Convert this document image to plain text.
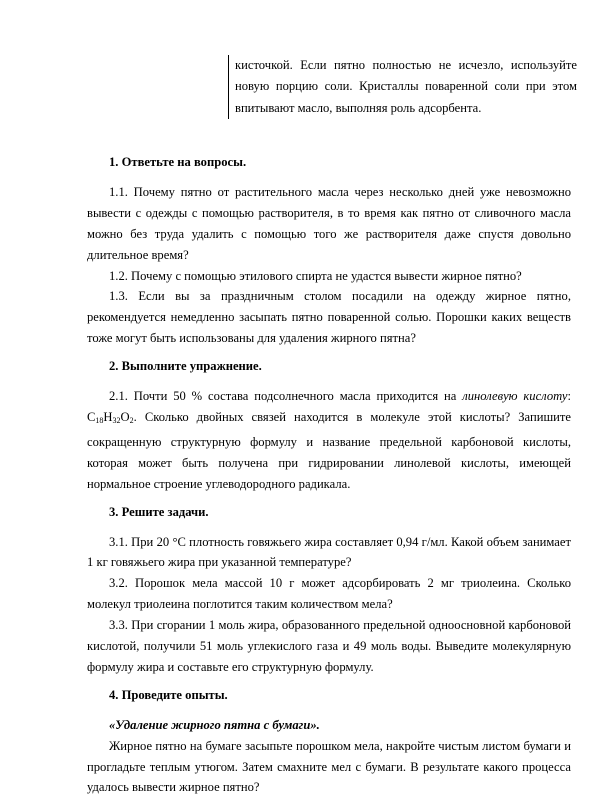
кисточкой. Если пятно полностью не исчезло, используйте новую порцию соли. Кристаллы поваренной соли при этом впитывают масло, выполняя роль адсорбента.
1. Ответьте на вопросы.

1.1. Почему пятно от растительного масла через несколько дней уже невозможно вывести с одежды с помощью растворителя, в то время как пятно от сливочного масла можно без труда удалить с помощью того же растворителя даже спустя довольно длительное время?

1.2. Почему с помощью этилового спирта не удастся вывести жирное пятно?

1.3. Если вы за праздничным столом посадили на одежду жирное пятно, рекомендуется немедленно засыпать пятно поваренной солью. Порошки каких веществ тоже могут быть использованы для удаления жирного пятна?

2. Выполните упражнение.

2.1. Почти 50 % состава подсолнечного масла приходится на линолевую кислоту: $C_{18}H_{32}O_2$. Сколько двойных связей находится в молекуле этой кислоты? Запишите сокращенную структурную формулу и название предельной карбоновой кислоты, которая может быть получена при гидрировании линолевой кислоты, имеющей нормальное строение углеводородного радикала.

3. Решите задачи.

3.1. При 20 °C плотность говяжьего жира составляет 0,94 г/мл. Какой объем занимает 1 кг говяжьего жира при указанной температуре?

3.2. Порошок мела массой 10 г может адсорбировать 2 мг триолеина. Сколько молекул триолеина поглотится таким количеством мела?

3.3. При сгорании 1 моль жира, образованного предельной одноосновной карбоновой кислотой, получили 51 моль углекислого газа и 49 моль воды. Выведите молекулярную формулу жира и составьте его структурную формулу.

4. Проведите опыты.

«Удаление жирного пятна с бумаги».

Жирное пятно на бумаге засыпьте порошком мела, накройте чистым листом бумаги и прогладьте теплым утюгом. Затем смахните мел с бумаги. В результате какого процесса удалось вывести жирное пятно?
